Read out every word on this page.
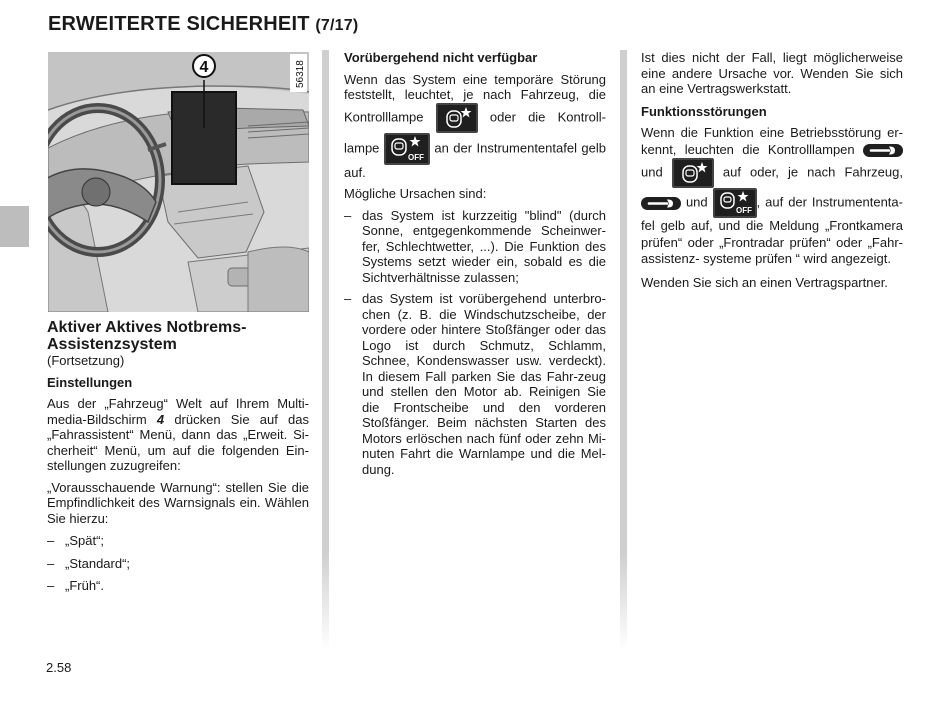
ERWEITERTE SICHERHEIT (7/17)
4	56318

Aktiver Aktives Notbrems-Assistenzsystem

(Fortsetzung)

Einstellungen

Aus der „Fahrzeug“ Welt auf Ihrem Multi-media-Bildschirm 4 drücken Sie auf das „Fahrassistent“ Menü, dann das „Erweit. Si-cherheit“ Menü, um auf die folgenden Ein-stellungen zuzugreifen:

„Vorausschauende Warnung“: stellen Sie die Empfindlichkeit des Warnsignals ein. Wählen Sie hierzu:

– „Spät“;

– „Standard“;

– „Früh“.

Vorübergehend nicht verfügbar

Wenn das System eine temporäre Störung feststellt, leuchtet, je nach Fahrzeug, die Kontrolllampe	oder die Kontroll-lampe
OFF
an der Instrumententafel gelb auf.

Mögliche Ursachen sind:

– das System ist kurzzeitig "blind" (durch Sonne, entgegenkommende Scheinwer-fer, Schlechtwetter, ...). Die Funktion des Systems setzt wieder ein, sobald es die Sichtverhältnisse zulassen;

– das System ist vorübergehend unterbro-chen (z. B. die Windschutzscheibe, der vordere oder hintere Stoßfänger oder das Logo ist durch Schmutz, Schlamm, Schnee, Kondenswasser usw. verdeckt). In diesem Fall parken Sie das Fahr-zeug und stellen den Motor ab. Reinigen Sie die Frontscheibe und den vorderen Stoßfänger. Beim nächsten Starten des Motors erlöschen nach fünf oder zehn Mi-nuten Fahrt die Warnlampe und die Mel-dung.

Ist dies nicht der Fall, liegt möglicherweise eine andere Ursache vor. Wenden Sie sich an eine Vertragswerkstatt.

Funktionsstörungen

Wenn die Funktion eine Betriebsstörung er-kennt, leuchten die Kontrolllampen
und	auf oder, je nach Fahrzeug,
und
OFF
, auf der Instrumententa-fel gelb auf, und die Meldung „Frontkamera prüfen“ oder „Frontradar prüfen“ oder „Fahr-assistenz- systeme prüfen “ wird angezeigt.

Wenden Sie sich an einen Vertragspartner.

2.58
